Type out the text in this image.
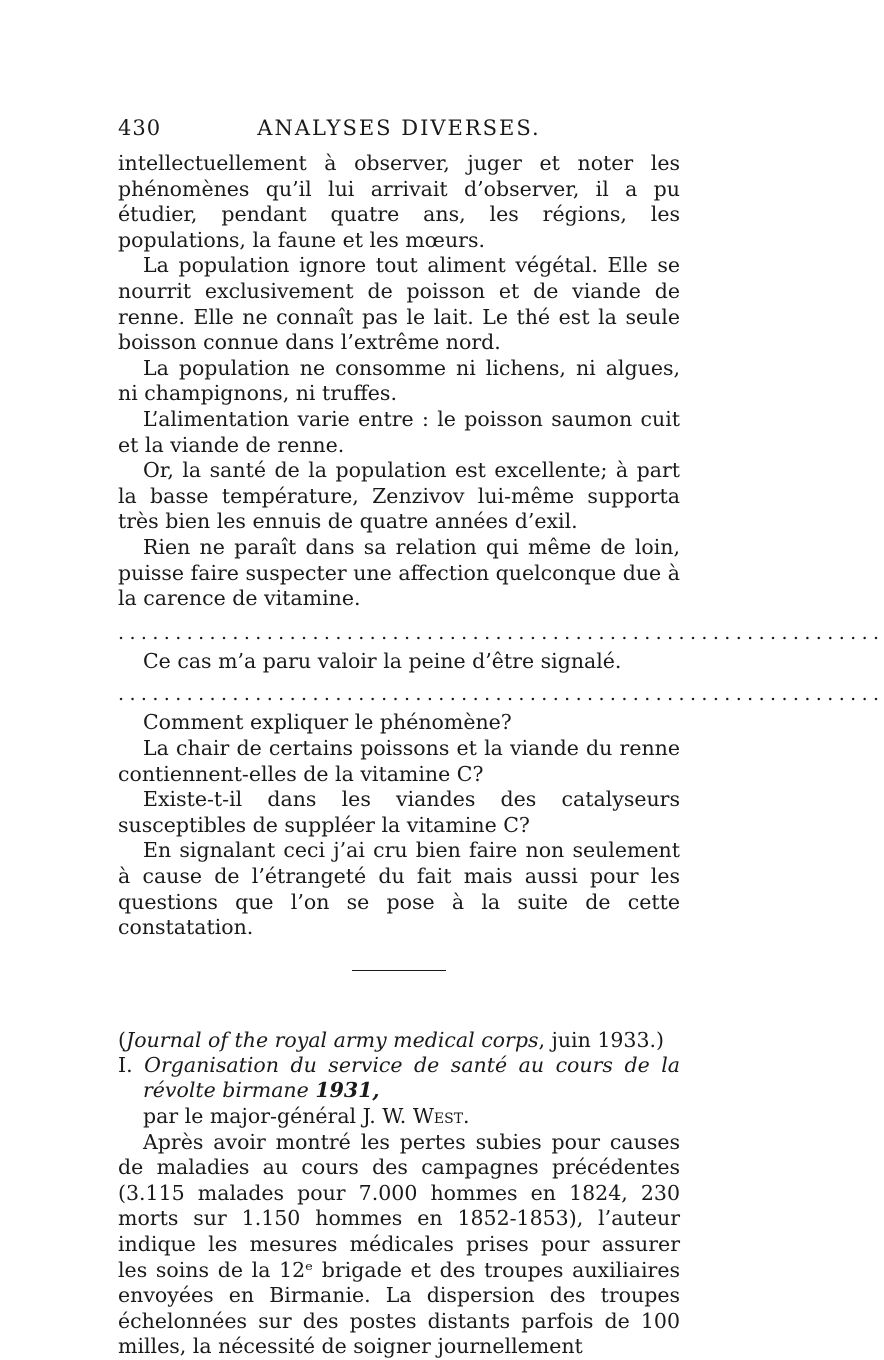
430	ANALYSES DIVERSES.

intellectuellement à observer, juger et noter les phénomènes qu’il lui arrivait d’observer, il a pu étudier, pendant quatre ans, les régions, les populations, la faune et les mœurs.

La population ignore tout aliment végétal. Elle se nourrit exclusivement de poisson et de viande de renne. Elle ne connaît pas le lait. Le thé est la seule boisson connue dans l’extrême nord.

La population ne consomme ni lichens, ni algues, ni champignons, ni truffes.

L’alimentation varie entre : le poisson saumon cuit et la viande de renne.

Or, la santé de la population est excellente; à part la basse température, Zenzivov lui-même supporta très bien les ennuis de quatre années d’exil.

Rien ne paraît dans sa relation qui même de loin, puisse faire suspecter une affection quelconque due à la carence de vitamine.

...................................................................

Ce cas m’a paru valoir la peine d’être signalé.

...................................................................

Comment expliquer le phénomène?

La chair de certains poissons et la viande du renne contiennent-elles de la vitamine C?

Existe-t-il dans les viandes des catalyseurs susceptibles de suppléer la vitamine C?

En signalant ceci j’ai cru bien faire non seulement à cause de l’étrangeté du fait mais aussi pour les questions que l’on se pose à la suite de cette constatation.

(Journal of the royal army medical corps, juin 1933.)

I. Organisation du service de santé au cours de la révolte birmane 1931,
par le major-général J. W. West.

Après avoir montré les pertes subies pour causes de maladies au cours des campagnes précédentes (3.115 malades pour 7.000 hommes en 1824, 230 morts sur 1.150 hommes en 1852-1853), l’auteur indique les mesures médicales prises pour assurer les soins de la 12ᵉ brigade et des troupes auxiliaires envoyées en Birmanie. La dispersion des troupes échelonnées sur des postes distants parfois de 100 milles, la nécessité de soigner journellement
